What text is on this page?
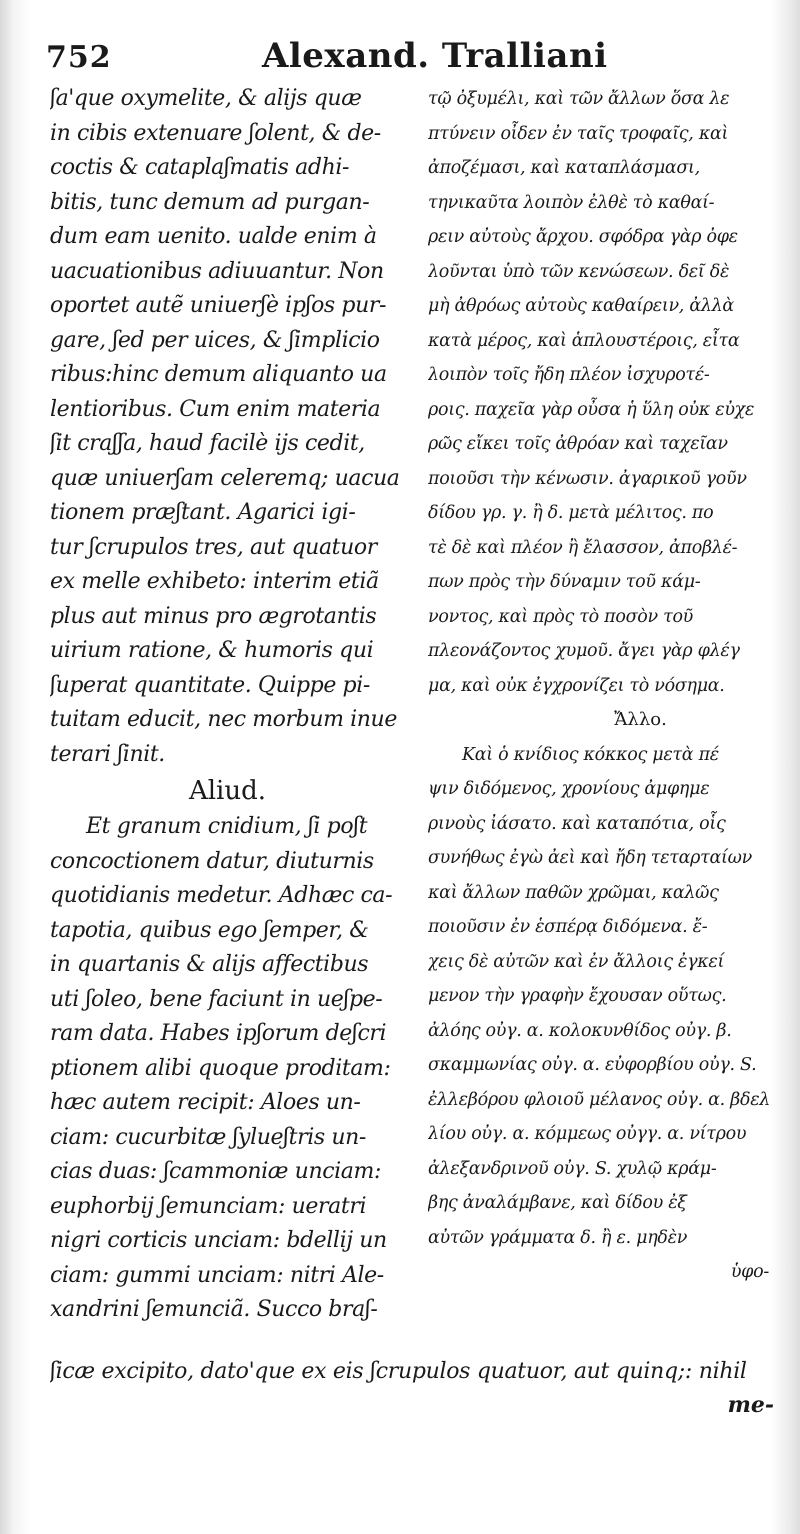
752	Alexand. Tralliani
ʃa'que oxymelite, & alijs quæ
in cibis extenuare ʃolent, & de-
coctis & cataplaʃmatis adhi-
bitis, tunc demum ad purgan-
dum eam uenito. ualde enim à
uacuationibus adiuuantur. Non
oportet autẽ uniuerʃè ipʃos pur-
gare, ʃed per uices, & ʃimplicio
ribus:hinc demum aliquanto ua
lentioribus. Cum enim materia
ʃit craʃʃa, haud facilè ijs cedit,
quæ uniuerʃam celeremq; uacua
tionem præʃtant. Agarici igi-
tur ʃcrupulos tres, aut quatuor
ex melle exhibeto: interim etiã
plus aut minus pro ægrotantis
uirium ratione, & humoris qui
ʃuperat quantitate. Quippe pi-
tuitam educit, nec morbum inue
terari ʃinit.
Aliud.
Et granum cnidium, ʃi poʃt
concoctionem datur, diuturnis
quotidianis medetur. Adhæc ca-
tapotia, quibus ego ʃemper, &
in quartanis & alijs affectibus
uti ʃoleo, bene faciunt in ueʃpe-
ram data. Habes ipʃorum deʃcri
ptionem alibi quoque proditam:
hæc autem recipit: Aloes un-
ciam: cucurbitæ ʃylueʃtris un-
cias duas: ʃcammoniæ unciam:
euphorbij ʃemunciam: ueratri
nigri corticis unciam: bdellij un
ciam: gummi unciam: nitri Ale-
xandrini ʃemunciã. Succo braʃ-
τῷ ὀξυμέλι, καὶ τῶν ἄλλων ὅσα λε
πτύνειν οἶδεν ἐν ταῖς τροφαῖς, καὶ
ἀποζέμασι, καὶ καταπλάσμασι,
τηνικαῦτα λοιπὸν ἐλθὲ τὸ καθαί-
ρειν αὐτοὺς ἄρχου. σφόδρα γὰρ ὀφε
λοῦνται ὑπὸ τῶν κενώσεων. δεῖ δὲ
μὴ ἀθρόως αὐτοὺς καθαίρειν, ἀλλὰ
κατὰ μέρος, καὶ ἁπλουστέροις, εἶτα
λοιπὸν τοῖς ἤδη πλέον ἰσχυροτέ-
ροις. παχεῖα γὰρ οὖσα ἡ ὕλη οὐκ εὐχε
ρῶς εἴκει τοῖς ἀθρόαν καὶ ταχεῖαν
ποιοῦσι τὴν κένωσιν. ἀγαρικοῦ γοῦν
δίδου γρ. γ. ἢ δ. μετὰ μέλιτος. πο
τὲ δὲ καὶ πλέον ἢ ἔλασσον, ἀποβλέ-
πων πρὸς τὴν δύναμιν τοῦ κάμ-
νοντος, καὶ πρὸς τὸ ποσὸν τοῦ
πλεονάζοντος χυμοῦ. ἄγει γὰρ φλέγ
μα, καὶ οὐκ ἐγχρονίζει τὸ νόσημα.
Ἄλλο.
Καὶ ὁ κνίδιος κόκκος μετὰ πέ
ψιν διδόμενος, χρονίους ἀμφημε
ρινοὺς ἰάσατο. καὶ καταπότια, οἷς
συνήθως ἐγὼ ἀεὶ καὶ ἤδη τεταρταίων
καὶ ἄλλων παθῶν χρῶμαι, καλῶς
ποιοῦσιν ἐν ἑσπέρᾳ διδόμενα. ἔ-
χεις δὲ αὐτῶν καὶ ἐν ἄλλοις ἐγκεί
μενον τὴν γραφὴν ἔχουσαν οὕτως.
ἀλόης οὐγ. α. κολοκυνθίδος οὐγ. β.
σκαμμωνίας οὐγ. α. εὐφορβίου οὐγ. S.
ἐλλεβόρου φλοιοῦ μέλανος οὐγ. α. βδελ
λίου οὐγ. α. κόμμεως οὐγγ. α. νίτρου
ἀλεξανδρινοῦ οὐγ. S. χυλῷ κράμ-
βης ἀναλάμβανε, καὶ δίδου ἐξ
αὐτῶν γράμματα δ. ἢ ε. μηδὲν
ὑφο-
ʃicæ excipito, dato'que ex eis ʃcrupulos quatuor, aut quinq;: nihil
me-
